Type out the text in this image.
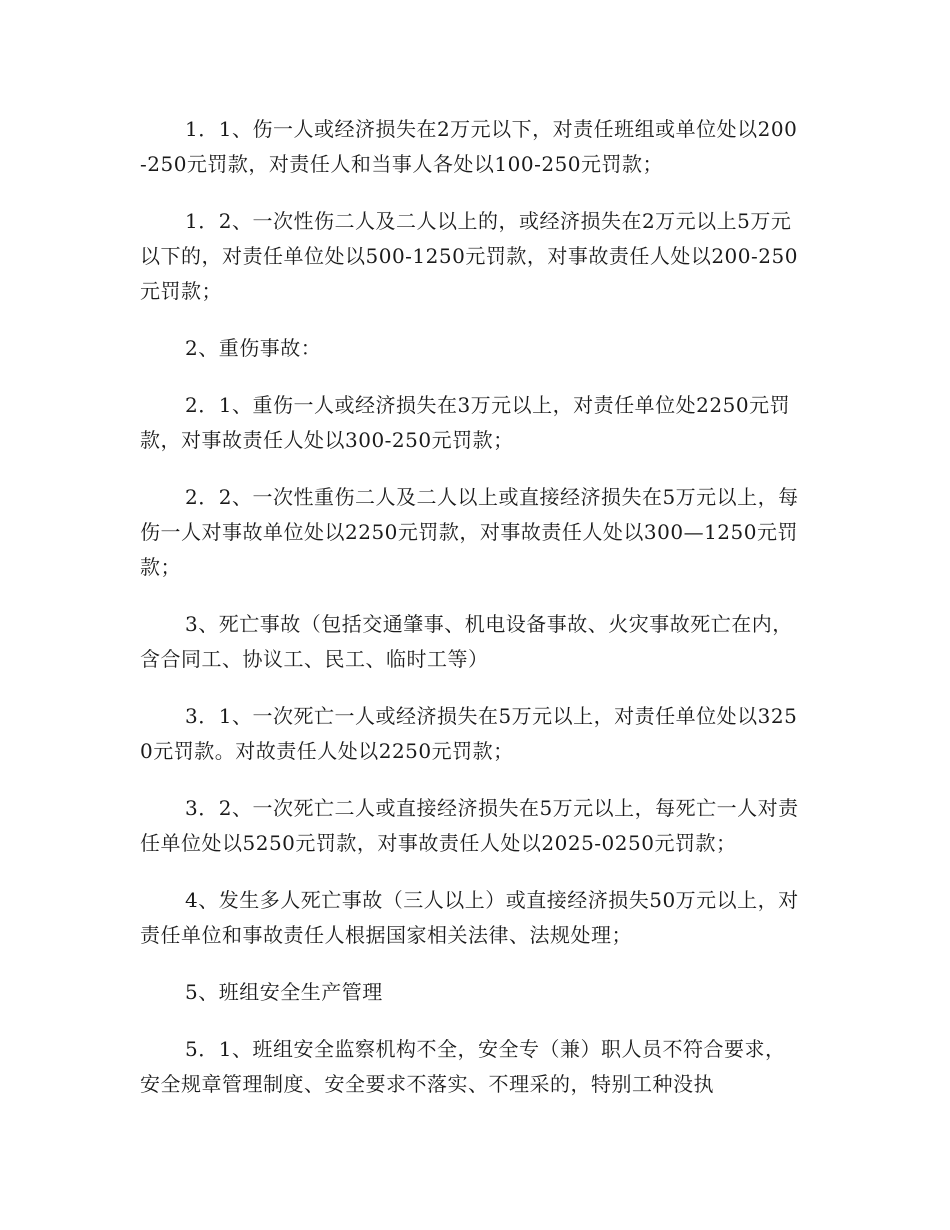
1．1、伤一人或经济损失在2万元以下，对责任班组或单位处以200-250元罚款，对责任人和当事人各处以100-250元罚款；

1．2、一次性伤二人及二人以上的，或经济损失在2万元以上5万元以下的，对责任单位处以500-1250元罚款，对事故责任人处以200-250元罚款；

2、重伤事故：

2．1、重伤一人或经济损失在3万元以上，对责任单位处2250元罚款，对事故责任人处以300-250元罚款；

2．2、一次性重伤二人及二人以上或直接经济损失在5万元以上，每伤一人对事故单位处以2250元罚款，对事故责任人处以300—1250元罚款；

3、死亡事故（包括交通肇事、机电设备事故、火灾事故死亡在内，含合同工、协议工、民工、临时工等）

3．1、一次死亡一人或经济损失在5万元以上，对责任单位处以3250元罚款。对故责任人处以2250元罚款；

3．2、一次死亡二人或直接经济损失在5万元以上，每死亡一人对责任单位处以5250元罚款，对事故责任人处以2025-0250元罚款；

4、发生多人死亡事故（三人以上）或直接经济损失50万元以上，对责任单位和事故责任人根据国家相关法律、法规处理；

5、班组安全生产管理

5．1、班组安全监察机构不全，安全专（兼）职人员不符合要求，安全规章管理制度、安全要求不落实、不理采的，特别工种没执
